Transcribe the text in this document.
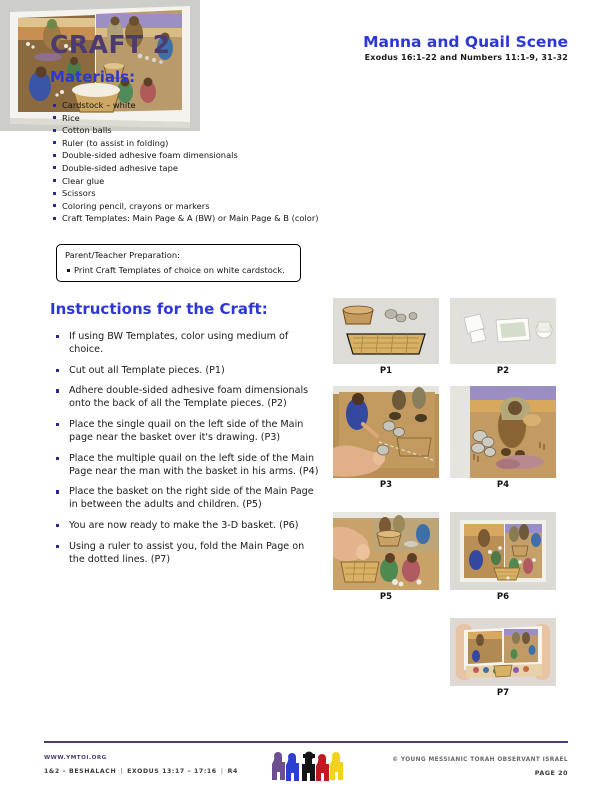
CRAFT 2
Materials:
Manna and Quail Scene
Exodus 16:1-22 and Numbers 11:1-9, 31-32
Cardstock – white
Rice
Cotton balls
Ruler (to assist in folding)
Double-sided adhesive foam dimensionals
Double-sided adhesive tape
Clear glue
Scissors
Coloring pencil, crayons or markers
Craft Templates: Main Page & A (BW) or Main Page & B (color)
Parent/Teacher Preparation:
Print Craft Templates of choice on white cardstock.
Instructions for the Craft:
If using BW Templates, color using medium of choice.
Cut out all Template pieces. (P1)
Adhere double-sided adhesive foam dimensionals onto the back of all the Template pieces. (P2)
Place the single quail on the left side of the Main page near the basket over it's drawing. (P3)
Place the multiple quail on the left side of the Main Page near the man with the basket in his arms. (P4)
Place the basket on the right side of the Main Page in between the adults and children. (P5)
You are now ready to make the 3-D basket. (P6)
Using a ruler to assist you, fold the Main Page on the dotted lines. (P7)
P1	P2
P3	P4
P5	P6
P7
WWW.YMTOI.ORG
1&2 – BESHALACH | EXODUS 13:17 – 17:16 | R4
© YOUNG MESSIANIC TORAH OBSERVANT ISRAEL
PAGE 20
